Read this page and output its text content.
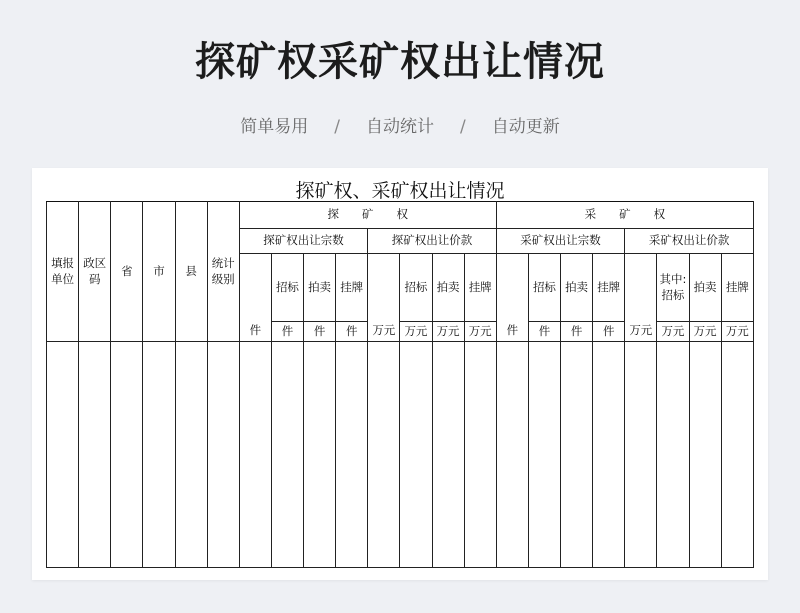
探矿权采矿权出让情况
简单易用 / 自动统计 / 自动更新
探矿权、采矿权出让情况
填报单位	政区码	省	市	县	统计级别	探　　矿　　权								采　　矿　　权							
						探矿权出让宗数				探矿权出让价款				采矿权出让宗数				采矿权出让价款			
						件	招标	拍卖	挂牌	万元	招标	拍卖	挂牌	件	招标	拍卖	挂牌	万元	其中:招标	拍卖	挂牌
							件	件	件		万元	万元	万元		件	件	件		万元	万元	万元
